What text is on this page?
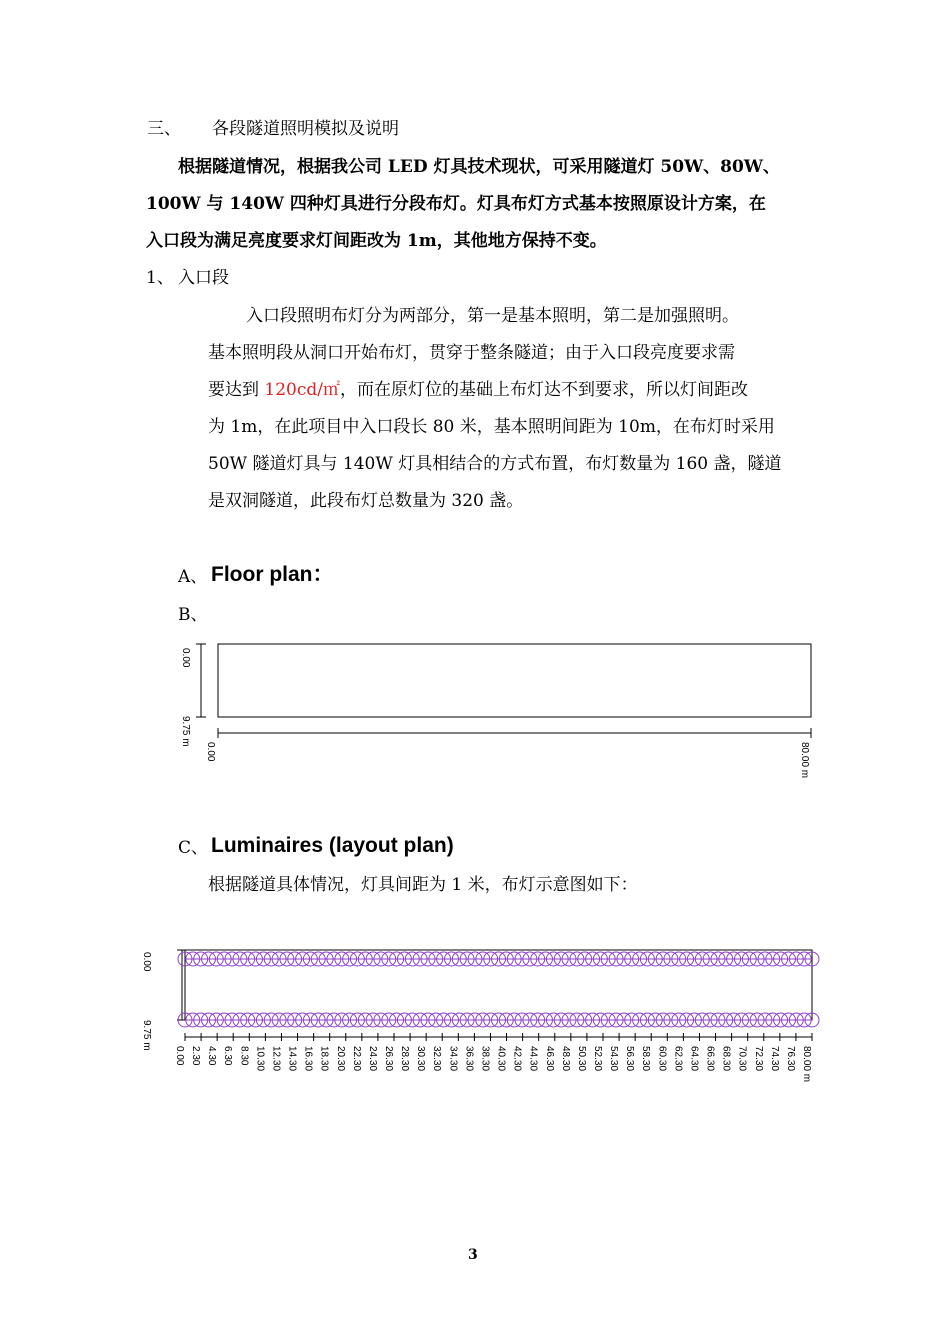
三、 各段隧道照明模拟及说明
根据隧道情况，根据我公司 LED 灯具技术现状，可采用隧道灯 50W、80W、
100W 与 140W 四种灯具进行分段布灯。灯具布灯方式基本按照原设计方案，在
入口段为满足亮度要求灯间距改为 1m，其他地方保持不变。
1、 入口段
入口段照明布灯分为两部分，第一是基本照明，第二是加强照明。
基本照明段从洞口开始布灯，贯穿于整条隧道；由于入口段亮度要求需
要达到 120cd/㎡，而在原灯位的基础上布灯达不到要求，所以灯间距改
为 1m，在此项目中入口段长 80 米，基本照明间距为 10m，在布灯时采用
50W 隧道灯具与 140W 灯具相结合的方式布置，布灯数量为 160 盏，隧道
是双洞隧道，此段布灯总数量为 320 盏。
A、 Floor plan：
B、
0.00
9.75 m
0.00	80.00 m
C、 Luminaires (layout plan)
根据隧道具体情况，灯具间距为 1 米，布灯示意图如下：
0.00
9.75 m
0.00 2.30 4.30 6.30 8.30 10.30 12.30 14.30 16.30 18.30 20.30 22.30 24.30 26.30 28.30 30.30 32.30 34.30 36.30 38.30 40.30 42.30 44.30 46.30 48.30 50.30 52.30 54.30 56.30 58.30 60.30 62.30 64.30 66.30 68.30 70.30 72.30 74.30 76.30 80.00 m
3
